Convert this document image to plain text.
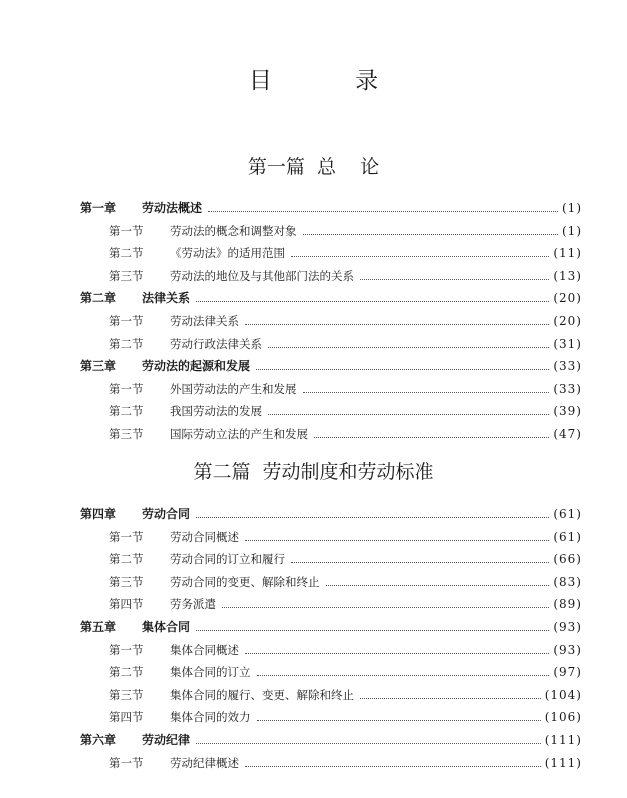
目 录
第一篇  总    论
第一章	劳动法概述	(1)
第一节	劳动法的概念和调整对象	(1)
第二节	《劳动法》的适用范围	(11)
第三节	劳动法的地位及与其他部门法的关系	(13)
第二章	法律关系	(20)
第一节	劳动法律关系	(20)
第二节	劳动行政法律关系	(31)
第三章	劳动法的起源和发展	(33)
第一节	外国劳动法的产生和发展	(33)
第二节	我国劳动法的发展	(39)
第三节	国际劳动立法的产生和发展	(47)
第二篇  劳动制度和劳动标准
第四章	劳动合同	(61)
第一节	劳动合同概述	(61)
第二节	劳动合同的订立和履行	(66)
第三节	劳动合同的变更、解除和终止	(83)
第四节	劳务派遣	(89)
第五章	集体合同	(93)
第一节	集体合同概述	(93)
第二节	集体合同的订立	(97)
第三节	集体合同的履行、变更、解除和终止	(104)
第四节	集体合同的效力	(106)
第六章	劳动纪律	(111)
第一节	劳动纪律概述	(111)
